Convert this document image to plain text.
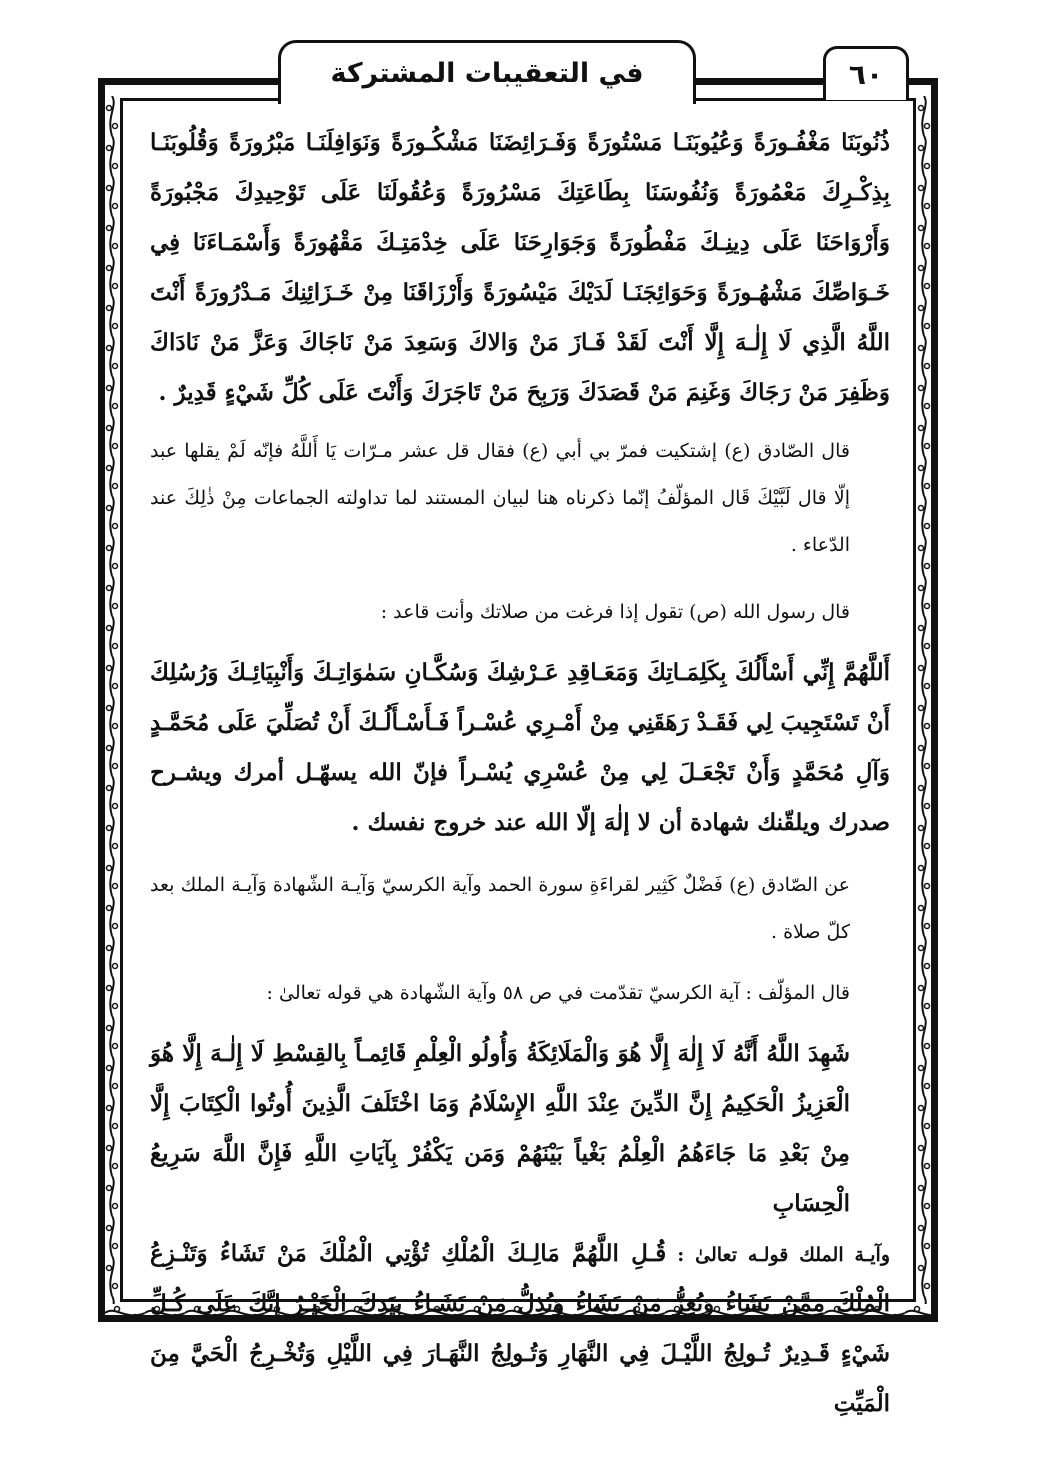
في التعقيبات المشتركة	٦٠

ذُنُوبَنَا مَغْفُـورَةً وَعُيُوبَنَـا مَسْتُورَةً وَفَـرَائِضَنَا مَشْكُـورَةً وَنَوَافِلَنَـا مَبْرُورَةً وَقُلُوبَنَـا بِذِكْـرِكَ مَعْمُورَةً وَنُفُوسَنَا بِطَاعَتِكَ مَسْرُورَةً وَعُقُولَنَا عَلَى تَوْحِيدِكَ مَجْبُورَةً وَأَرْوَاحَنَا عَلَى دِينِـكَ مَفْطُورَةً وَجَوَارِحَنَا عَلَى خِدْمَتِـكَ مَقْهُورَةً وَأَسْمَـاءَنَا فِي خَـوَاصِّكَ مَشْهُـورَةً وَحَوَائِجَنَـا لَدَيْكَ مَيْسُورَةً وَأَرْزَاقَنَا مِنْ خَـزَائِنِكَ مَـدْرُورَةً أَنْتَ اللَّهُ الَّذِي لَا إِلٰـهَ إِلَّا أَنْتَ لَقَدْ فَـازَ مَنْ وَالاكَ وَسَعِدَ مَنْ نَاجَاكَ وَعَزَّ مَنْ نَادَاكَ وَظَفِرَ مَنْ رَجَاكَ وَغَنِمَ مَنْ قَصَدَكَ وَرَبِحَ مَنْ تَاجَرَكَ وَأَنْتَ عَلَى كُلِّ شَيْءٍ قَدِيرٌ .

قال الصّادق (ع) إشتكيت فمرّ بي أبي (ع) فقال قل عشر مـرّات يَا أَللَّهُ فإنّه لَمْ يقلها عبد إلّا قال لَبَّيْكَ قَال المؤلّفُ إنّما ذكرناه هنا لبيان المستند لما تداولته الجماعات مِنْ ذٰلِكَ عند الدّعاء .

قال رسول الله (ص) تقول إذا فرغت من صلاتك وأنت قاعد :

أَللَّهُمَّ إِنِّي أَسْأَلُكَ بِكَلِمَـاتِكَ وَمَعَـاقِدِ عَـرْشِكَ وَسُكَّـانِ سَمٰوَاتِـكَ وَأَنْبِيَائِـكَ وَرُسُلِكَ أَنْ تَسْتَجِيبَ لِي فَقَـدْ رَهَقَنِي مِنْ أَمْـرِي عُسْـراً فَـأَسْـأَلُـكَ أَنْ تُصَلِّيَ عَلَى مُحَمَّـدٍ وَآلِ مُحَمَّدٍ وَأَنْ تَجْعَـلَ لِي مِنْ عُسْرِي يُسْـراً فإنّ الله يسهّـل أمرك ويشـرح صدرك ويلقّنك شهادة أن لا إلٰهَ إلّا الله عند خروج نفسك .

عن الصّادق (ع) فَضْلٌ كَثِير لقراءَةِ سورة الحمد وآية الكرسيّ وَآيـة الشّهادة وَآيـة الملك بعد كلّ صلاة .

قال المؤلّف : آية الكرسيّ تقدّمت في ص ٥٨ وآية الشّهادة هي قوله تعالىٰ :

شَهِدَ اللَّهُ أَنَّهُ لَا إِلٰهَ إِلَّا هُوَ وَالْمَلَائِكَةُ وَأُولُو الْعِلْمِ قَائِمـاً بِالقِسْطِ لَا إِلٰـهَ إِلَّا هُوَ الْعَزِيزُ الْحَكِيمُ إِنَّ الدِّينَ عِنْدَ اللَّهِ الإِسْلَامُ وَمَا اخْتَلَفَ الَّذِينَ أُوتُوا الْكِتَابَ إِلَّا مِنْ بَعْدِ مَا جَاءَهُمُ الْعِلْمُ بَغْياً بَيْنَهُمْ وَمَن يَكْفُرْ بِآيَاتِ اللَّهِ فَإِنَّ اللَّهَ سَرِيعُ الْحِسَابِ

وآيـة الملك قولـه تعالىٰ : قُـلِ اللَّهُمَّ مَالِـكَ الْمُلْكِ تُؤْتِي الْمُلْكَ مَنْ تَشَاءُ وَتَنْـزِعُ الْمُلْكَ مِمَّنْ تَشَاءُ وَتُعِزُّ مَنْ تَشَاءُ وَتُذِلُّ مَنْ تَشَـاءُ بِيَدِكَ الْخَيْـرُ إِنَّكَ عَلَى كُـلِّ شَيْءٍ قَـدِيرٌ تُـولِجُ اللَّيْـلَ فِي النَّهَارِ وَتُـولِجُ النَّهَـارَ فِي اللَّيْلِ وَتُخْـرِجُ الْحَيَّ مِنَ الْمَيِّتِ
